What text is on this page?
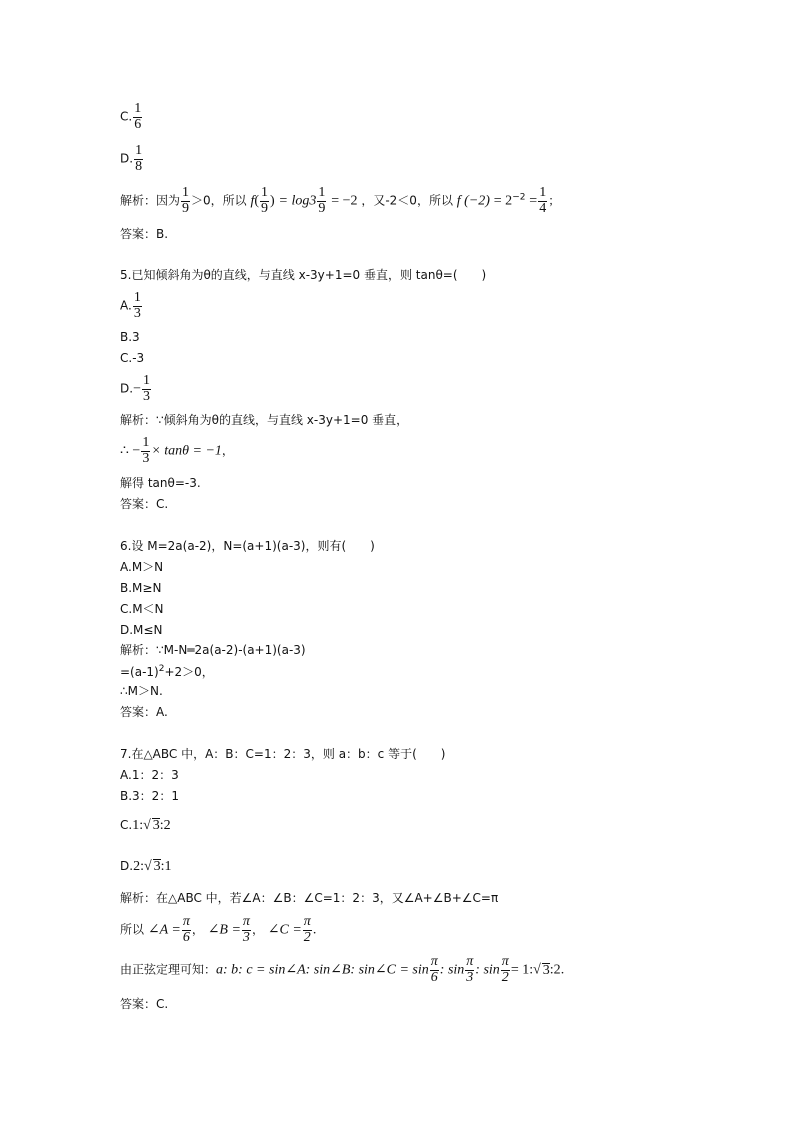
C. $\frac{1}{6}$
D. $\frac{1}{8}$
解析：因为 $\frac{1}{9} >0$，所以 $f( \frac{1}{9}$ ) = $\log 3 \frac{1}{9} = -2$ ，又-2＜0，所以 f $(-2) = 2^{-2} = \frac{1}{4}$ ；
答案：B.
5.已知倾斜角为θ的直线，与直线 x-3y+1=0 垂直，则 tanθ=(　　)
A. $\frac{1}{3}$
B.3
C.-3
$D.- \frac{1}{3}$
解析：∵倾斜角为θ的直线，与直线 x-3y+1=0 垂直，
∴ − $\frac{1}{3} \times \tan\theta = -1$，
解得 tanθ=-3.
答案：C.
6.设 M=2a(a-2)，N=(a+1)(a-3)，则有(　　)
A.M＞N
B.M≥N
C.M＜N
D.M≤N
解析：∵M-N═2a(a-2)-(a+1)(a-3)
$=(a-1)^2+2>0$，
∴M＞N.
答案：A.
7.在△ABC 中，A：B：C=1：2：3，则 a：b：c 等于(　　)
A.1：2：3
B.3：2：1
C.1:√ 3:2
D.2:√ 3:1
解析：在△ABC 中，若∠A：∠B：∠C=1：2：3，又∠A+∠B+∠C=π
所以 ∠A = $\frac{\pi}{6}$ ， ∠B = $\frac{\pi}{3}$ ， ∠C = $\frac{\pi}{2}$ .
由正弦定理可知：a: b: c = sin∠A: sin∠B: sin∠C = $\sin \frac{\pi}{6}$ : $\sin \frac{\pi}{3}$ : $\sin \frac{\pi}{2}$ = 1:√ 3:2.
答案：C.
